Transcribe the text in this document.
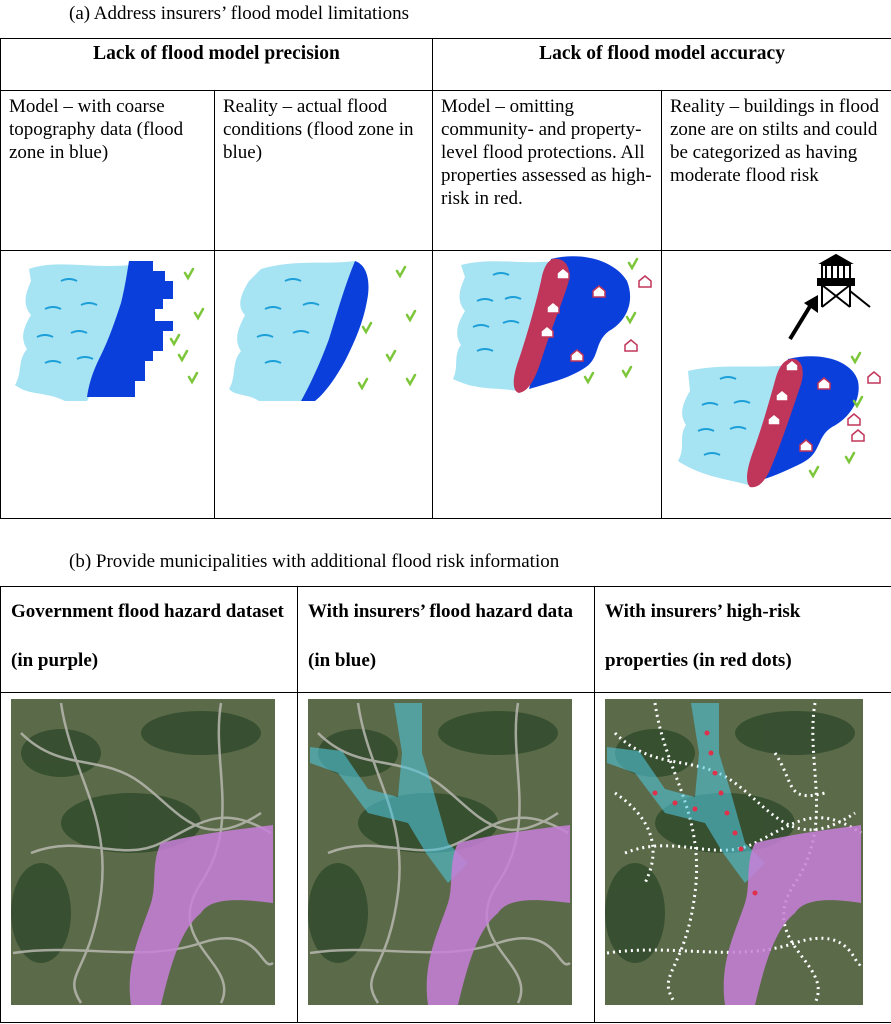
(a) Address insurers’ flood model limitations
Lack of flood model precision		Lack of flood model accuracy	
Model – with coarse topography data (flood zone in blue)	Reality – actual flood conditions (flood zone in blue)	Model – omitting community- and property-level flood protections. All properties assessed as high-risk in red.	Reality – buildings in flood zone are on stilts and could be categorized as having moderate flood risk

(b) Provide municipalities with additional flood risk information
Government flood hazard dataset (in purple)	With insurers’ flood hazard data (in blue)	With insurers’ high-risk properties (in red dots)
